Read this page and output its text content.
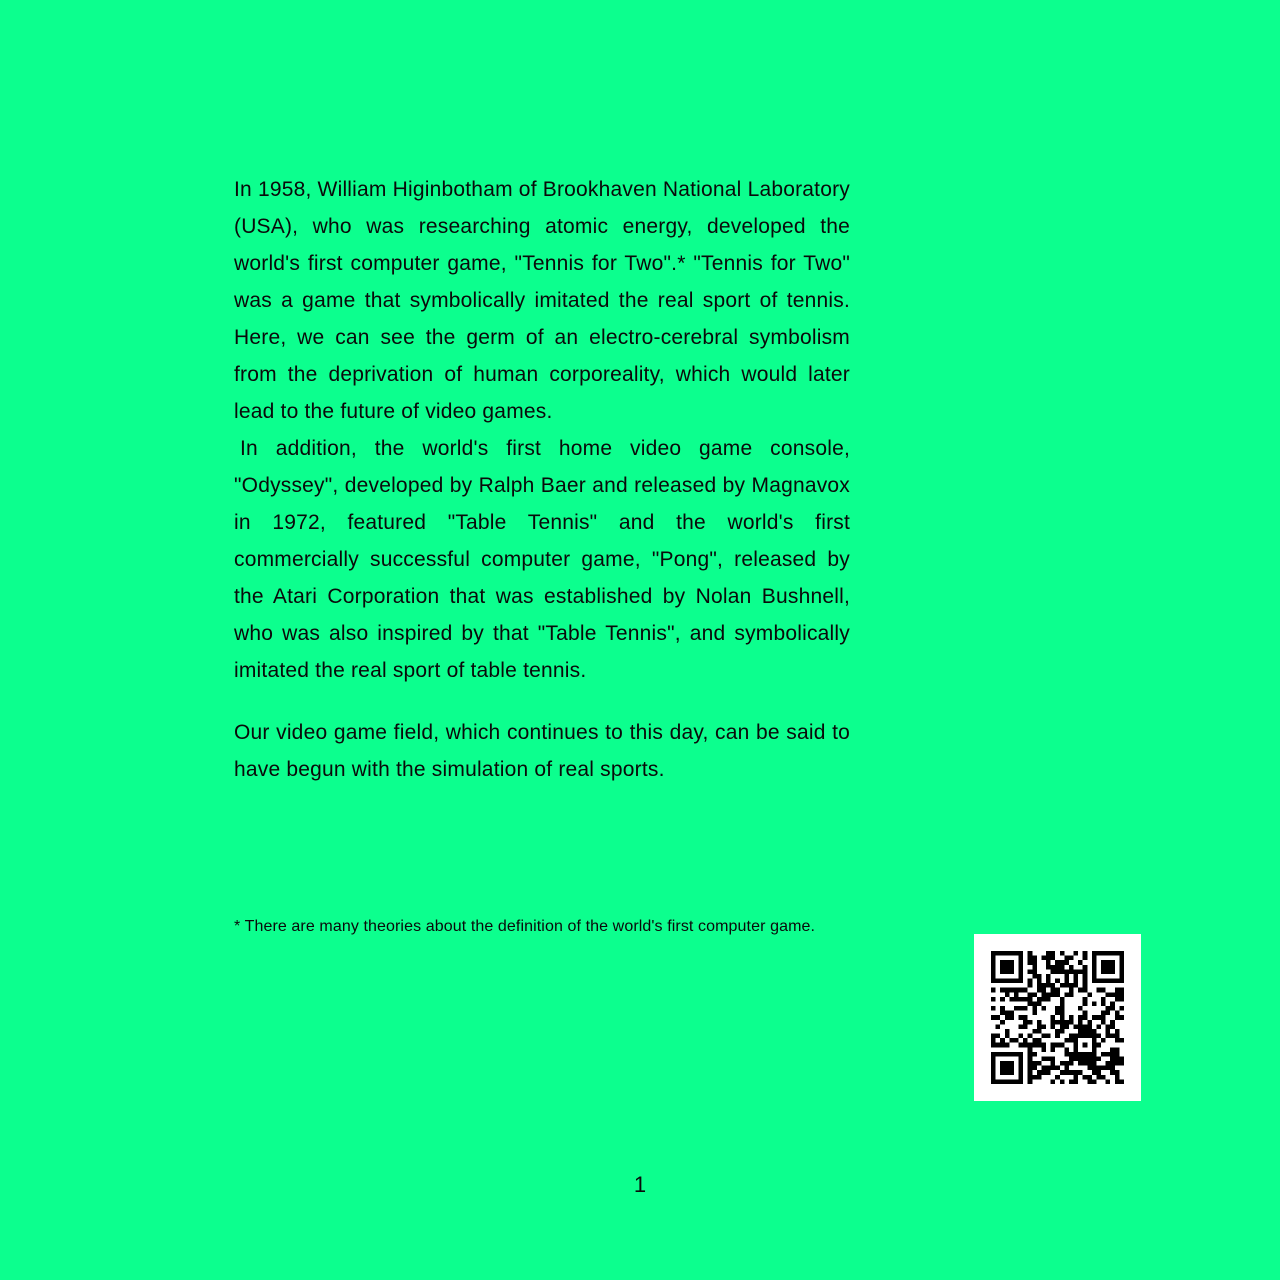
In 1958, William Higinbotham of Brookhaven National Laboratory (USA), who was researching atomic energy, developed the world's first computer game, "Tennis for Two".* "Tennis for Two" was a game that symbolically imitated the real sport of tennis. Here, we can see the germ of an electro-cerebral symbolism from the deprivation of human corporeality, which would later lead to the future of video games.

In addition, the world's first home video game console, "Odyssey", developed by Ralph Baer and released by Magnavox in 1972, featured "Table Tennis" and the world's first commercially successful computer game, "Pong", released by the Atari Corporation that was established by Nolan Bushnell, who was also inspired by that "Table Tennis", and symbolically imitated the real sport of table tennis.

Our video game field, which continues to this day, can be said to have begun with the simulation of real sports.

* There are many theories about the definition of the world's first computer game.

1
